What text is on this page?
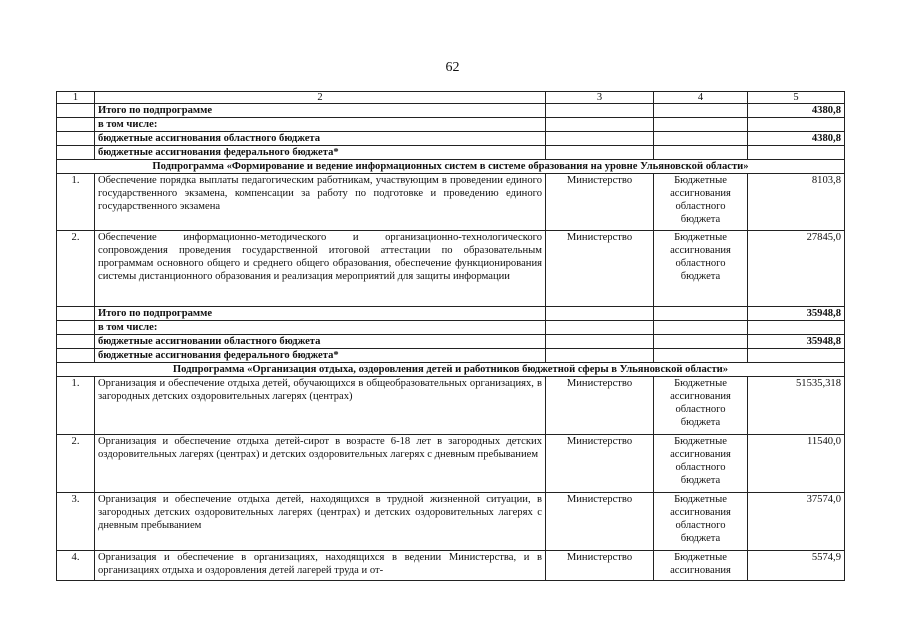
62
1	2	3	4	5
	Итого по подпрограмме			4380,8
	в том числе:			
	бюджетные ассигнования областного бюджета			4380,8
	бюджетные ассигнования федерального бюджета*			
Подпрограмма «Формирование и ведение информационных систем в системе образования на уровне Ульяновской области»				
1.	Обеспечение порядка выплаты педагогическим работникам, участвующим в проведении единого государственного экзамена, компенсации за работу по подготовке и проведению единого государственного экзамена	Министерство	Бюджетные ассигнования областного бюджета	8103,8
2.	Обеспечение информационно-методического и организационно-технологического сопровождения проведения государственной итоговой аттестации по образовательным программам основного общего и среднего общего образования, обеспечение функционирования системы дистанционного образования и реализация мероприятий для защиты информации	Министерство	Бюджетные ассигнования областного бюджета	27845,0
	Итого по подпрограмме			35948,8
	в том числе:			
	бюджетные ассигновании областного бюджета			35948,8
	бюджетные ассигнования федерального бюджета*			
Подпрограмма «Организация отдыха, оздоровления детей и работников бюджетной сферы в Ульяновской области»				
1.	Организация и обеспечение отдыха детей, обучающихся в общеобразовательных организациях, в загородных детских оздоровительных лагерях (центрах)	Министерство	Бюджетные ассигнования областного бюджета	51535,318
2.	Организация и обеспечение отдыха детей-сирот в возрасте 6-18 лет в загородных детских оздоровительных лагерях (центрах) и детских оздоровительных лагерях с дневным пребыванием	Министерство	Бюджетные ассигнования областного бюджета	11540,0
3.	Организация и обеспечение отдыха детей, находящихся в трудной жизненной ситуации, в загородных детских оздоровительных лагерях (центрах) и детских оздоровительных лагерях с дневным пребыванием	Министерство	Бюджетные ассигнования областного бюджета	37574,0
4.	Организация и обеспечение в организациях, находящихся в ведении Министерства, и в организациях отдыха и оздоровления детей лагерей труда и от-	Министерство	Бюджетные ассигнования	5574,9
